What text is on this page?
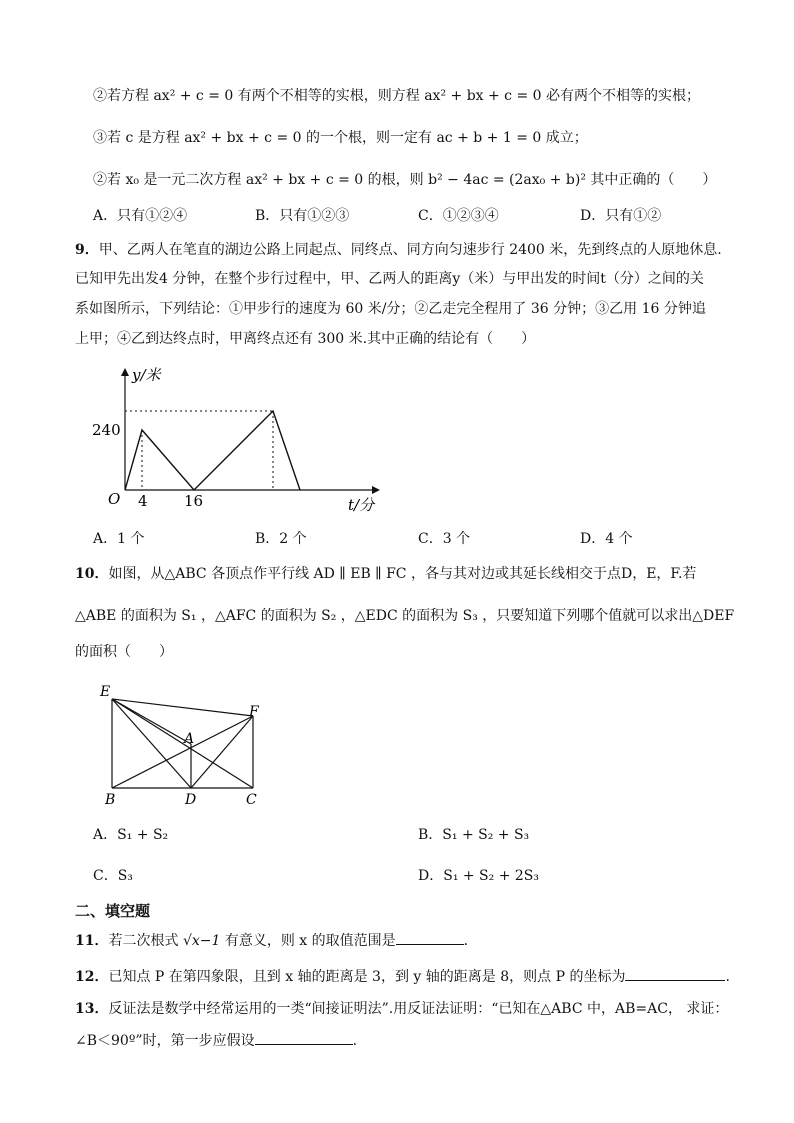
②若方程 ax² + c = 0 有两个不相等的实根，则方程 ax² + bx + c = 0 必有两个不相等的实根；
③若 c 是方程 ax² + bx + c = 0 的一个根，则一定有 ac + b + 1 = 0 成立；
②若 x₀ 是一元二次方程 ax² + bx + c = 0 的根，则 b² − 4ac = (2ax₀ + b)² 其中正确的（　　）
A．只有①②④	B．只有①②③	C．①②③④	D．只有①②
9．甲、乙两人在笔直的湖边公路上同起点、同终点、同方向匀速步行 2400 米，先到终点的人原地休息.
已知甲先出发4 分钟，在整个步行过程中，甲、乙两人的距离y（米）与甲出发的时间t（分）之间的关
系如图所示，下列结论：①甲步行的速度为 60 米/分；②乙走完全程用了 36 分钟；③乙用 16 分钟追
上甲；④乙到达终点时，甲离终点还有 300 米.其中正确的结论有（　　）
y/米
t/分
O
240
4 16
A．1 个	B．2 个	C．3 个	D．4 个
10．如图，从△ABC 各顶点作平行线 AD ∥ EB ∥ FC ，各与其对边或其延长线相交于点D，E，F.若
△ABE 的面积为 S₁ ，△AFC 的面积为 S₂ ，△EDC 的面积为 S₃ ，只要知道下列哪个值就可以求出△DEF
的面积（　　）
E
F
A
B	D	C
A．S₁ + S₂	B．S₁ + S₂ + S₃
C．S₃	D．S₁ + S₂ + 2S₃
二、填空题
11．若二次根式 √x−1 有意义，则 x 的取值范围是	．
12．已知点 P 在第四象限，且到 x 轴的距离是 3，到 y 轴的距离是 8，则点 P 的坐标为	.
13．反证法是数学中经常运用的一类“间接证明法”.用反证法证明：“已知在△ABC 中，AB=AC， 求证：
∠B＜90º”时，第一步应假设	.
